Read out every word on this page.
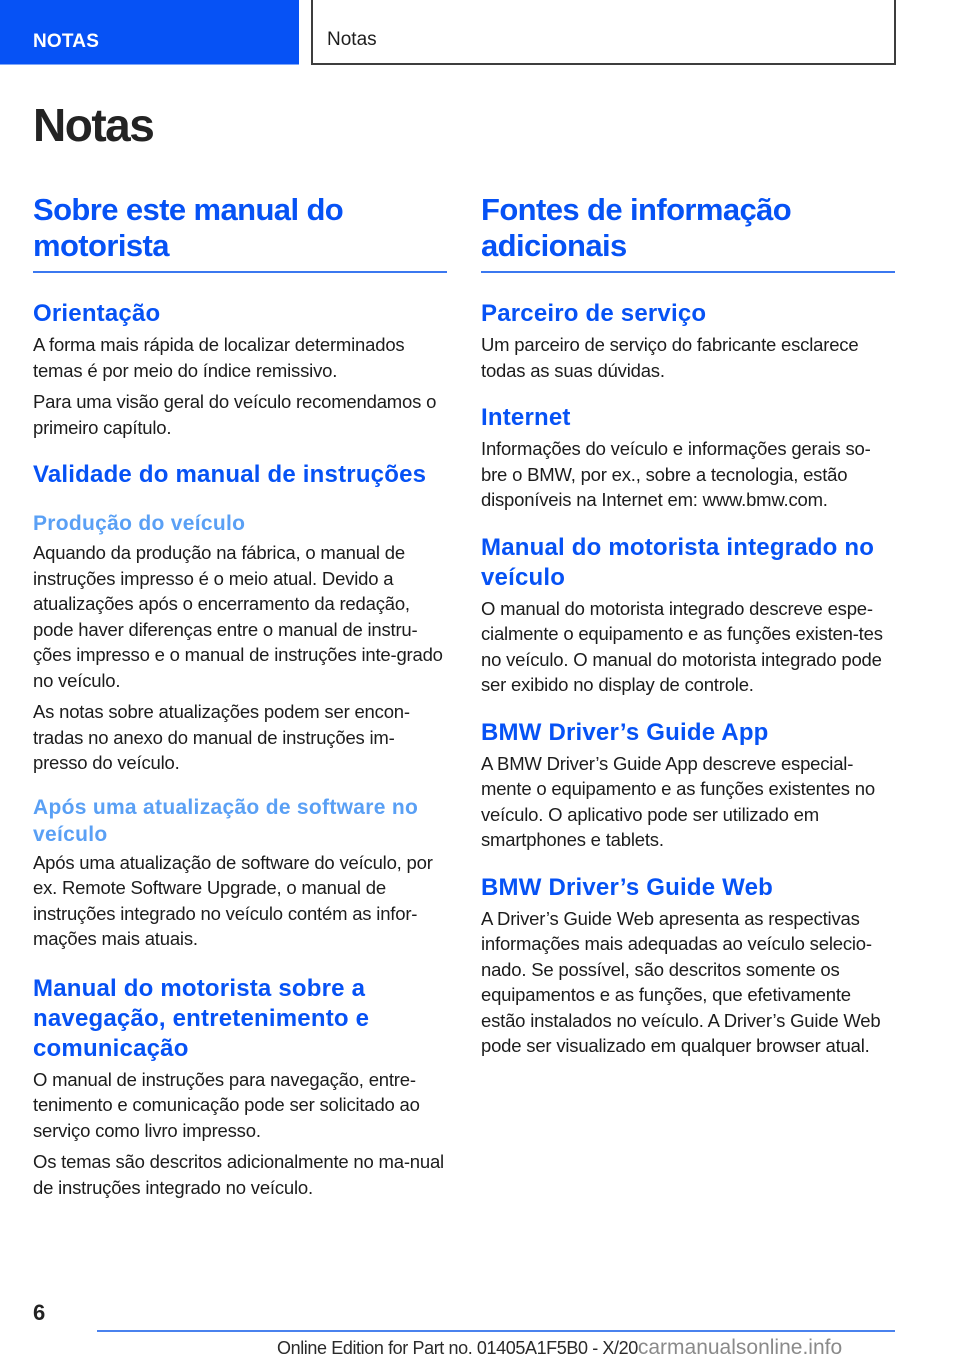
NOTAS	Notas
Notas
Sobre este manual do motorista
Orientação

A forma mais rápida de localizar determinados temas é por meio do índice remissivo.

Para uma visão geral do veículo recomendamos o primeiro capítulo.

Validade do manual de instruções
Produção do veículo

Aquando da produção na fábrica, o manual de instruções impresso é o meio atual. Devido a atualizações após o encerramento da redação, pode haver diferenças entre o manual de instru-ções impresso e o manual de instruções inte-grado no veículo.

As notas sobre atualizações podem ser encon-tradas no anexo do manual de instruções im-presso do veículo.

Após uma atualização de software no veículo

Após uma atualização de software do veículo, por ex. Remote Software Upgrade, o manual de instruções integrado no veículo contém as infor-mações mais atuais.

Manual do motorista sobre a navegação, entretenimento e comunicação

O manual de instruções para navegação, entre-tenimento e comunicação pode ser solicitado ao serviço como livro impresso.

Os temas são descritos adicionalmente no ma-nual de instruções integrado no veículo.

Fontes de informação adicionais
Parceiro de serviço

Um parceiro de serviço do fabricante esclarece todas as suas dúvidas.

Internet

Informações do veículo e informações gerais so-bre o BMW, por ex., sobre a tecnologia, estão disponíveis na Internet em: www.bmw.com.

Manual do motorista integrado no veículo

O manual do motorista integrado descreve espe-cialmente o equipamento e as funções existen-tes no veículo. O manual do motorista integrado pode ser exibido no display de controle.

BMW Driver’s Guide App

A BMW Driver’s Guide App descreve especial-mente o equipamento e as funções existentes no veículo. O aplicativo pode ser utilizado em smartphones e tablets.

BMW Driver’s Guide Web

A Driver’s Guide Web apresenta as respectivas informações mais adequadas ao veículo selecio-nado. Se possível, são descritos somente os equipamentos e as funções, que efetivamente estão instalados no veículo. A Driver’s Guide Web pode ser visualizado em qualquer browser atual.

6
Online Edition for Part no. 01405A1F5B0 - X/20carmanualsonline.info
